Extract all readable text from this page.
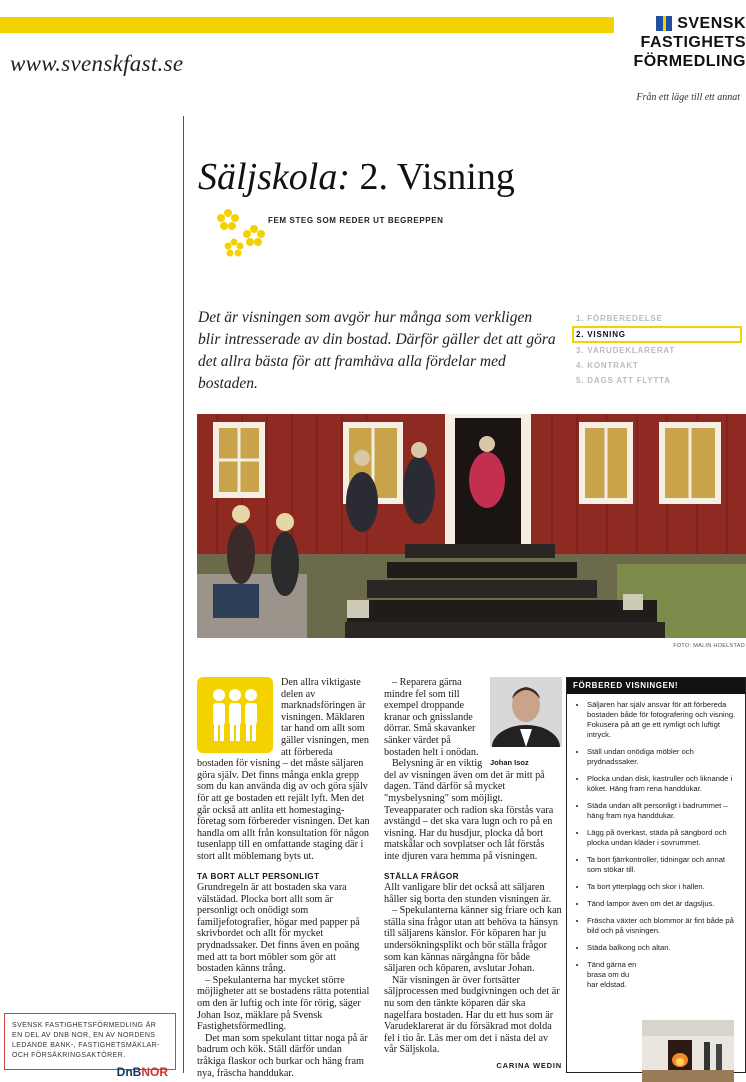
www.svenskfast.se
SVENSK
FASTIGHETS
FÖRMEDLING
Från ett läge till ett annat
Säljskola: 2. Visning
FEM STEG SOM REDER UT BEGREPPEN
Det är visningen som avgör hur många som verkligen blir intresserade av din bostad. Därför gäller det att göra det allra bästa för att framhäva alla fördelar med bostaden.
1. FÖRBEREDELSE
2. VISNING
3. VARUDEKLARERAT
4. KONTRAKT
5. DAGS ATT FLYTTA
FOTO: MALIN HOELSTAD

Den allra viktigaste delen av marknadsföringen är visningen. Mäklaren tar hand om allt som gäller visningen, men att förbereda bostaden för visning – det måste säljaren göra själv. Det finns många enkla grepp som du kan använda dig av och göra själv för att ge bostaden ett rejält lyft. Men det går också att anlita ett homestaging-företag som förbereder visningen. Det kan handla om allt från konsultation för någon tusenlapp till en omfattande staging där i stort allt möblemang byts ut.

TA BORT ALLT PERSONLIGT

Grundregeln är att bostaden ska vara välstädad. Plocka bort allt som är personligt och onödigt som familjefotografier, högar med papper på skrivbordet och allt för mycket prydnadssaker. Det finns även en poäng med att ta bort möbler som gör att bostaden känns trång.

– Spekulanterna har mycket större möjligheter att se bostadens rätta potential om den är luftig och inte för rörig, säger Johan Isoz, mäklare på Svensk Fastighetsförmedling.

Det man som spekulant tittar noga på är badrum och kök. Ställ därför undan tråkiga flaskor och burkar och häng fram nya, fräscha handdukar.

Johan Isoz

– Reparera gärna mindre fel som till exempel droppande kranar och gnisslande dörrar. Små skavanker sänker värdet på bostaden helt i onödan.

Belysning är en viktig del av visningen även om det är mitt på dagen. Tänd därför så mycket "mysbelysning" som möjligt. Teveapparater och radion ska förstås vara avstängd – det ska vara lugn och ro på en visning. Har du husdjur, plocka då bort matskålar och sovplatser och låt förstås inte djuren vara hemma på visningen.

STÄLLA FRÅGOR

Allt vanligare blir det också att säljaren håller sig borta den stunden visningen är.

– Spekulanterna känner sig friare och kan ställa sina frågor utan att behöva ta hänsyn till säljarens känslor. För köparen har ju undersökningsplikt och bör ställa frågor som kan kännas närgångna för både säljaren och köparen, avslutar Johan.

När visningen är över fortsätter säljprocessen med budgivningen och det är nu som den tänkte köparen där ska nagelfara bostaden. Har du ett hus som är Varudeklarerat är du försäkrad mot dolda fel i tio år. Läs mer om det i nästa del av vår Säljskola.

CARINA WEDIN
FÖRBERED VISNINGEN!
• Säljaren har själv ansvar för att förbereda bostaden både för fotografering och visning. Fokusera på att ge ett rymligt och luftigt intryck.
• Ställ undan onödiga möbler och prydnadssaker.
• Plocka undan disk, kastruller och liknande i köket. Häng fram rena handdukar.
• Städa undan allt personligt i badrummet – häng fram nya handdukar.
• Lägg på överkast, städa på sängbord och plocka undan kläder i sovrummet.
• Ta bort fjärrkontroller, tidningar och annat som stökar till.
• Ta bort ytterplagg och skor i hallen.
• Tänd lampor även om det är dagsljus.
• Fräscha växter och blommor är fint både på bild och på visningen.
• Städa balkong och altan.
• Tänd gärna en brasa om du har eldstad.
SVENSK FASTIGHETSFÖRMEDLING ÄR EN DEL AV DNB NOR, EN AV NORDENS LEDANDE BANK-, FASTIGHETSMÄKLAR- OCH FÖRSÄKRINGSAKTÖRER.
DnBNOR
